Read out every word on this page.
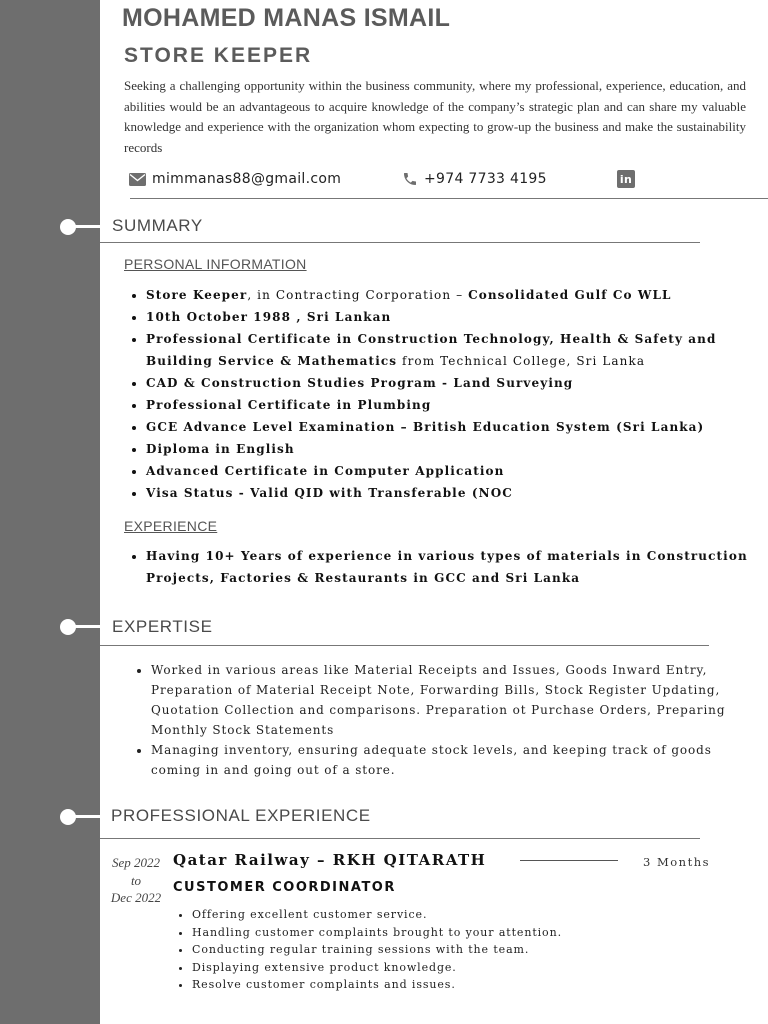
MOHAMED MANAS ISMAIL
STORE KEEPER

Seeking a challenging opportunity within the business community, where my professional, experience, education, and abilities would be an advantageous to acquire knowledge of the company’s strategic plan and can share my valuable knowledge and experience with the organization whom expecting to grow-up the business and make the sustainability records

mimmanas88@gmail.com	+974 7733 4195	in
SUMMARY
PERSONAL INFORMATION
• Store Keeper, in Contracting Corporation – Consolidated Gulf Co WLL
• 10th October 1988 , Sri Lankan
• Professional Certificate in Construction Technology, Health & Safety and Building Service & Mathematics from Technical College, Sri Lanka
• CAD & Construction Studies Program - Land Surveying
• Professional Certificate in Plumbing
• GCE Advance Level Examination – British Education System (Sri Lanka)
• Diploma in English
• Advanced Certificate in Computer Application
• Visa Status - Valid QID with Transferable (NOC
EXPERIENCE
• Having 10+ Years of experience in various types of materials in Construction Projects, Factories & Restaurants in GCC and Sri Lanka
EXPERTISE
• Worked in various areas like Material Receipts and Issues, Goods Inward Entry, Preparation of Material Receipt Note, Forwarding Bills, Stock Register Updating, Quotation Collection and comparisons. Preparation ot Purchase Orders, Preparing Monthly Stock Statements
• Managing inventory, ensuring adequate stock levels, and keeping track of goods coming in and going out of a store.
PROFESSIONAL EXPERIENCE
Sep 2022
to
Dec 2022
Qatar Railway – RKH QITARATH	3 Months
CUSTOMER COORDINATOR
• Offering excellent customer service.
• Handling customer complaints brought to your attention.
• Conducting regular training sessions with the team.
• Displaying extensive product knowledge.
• Resolve customer complaints and issues.
